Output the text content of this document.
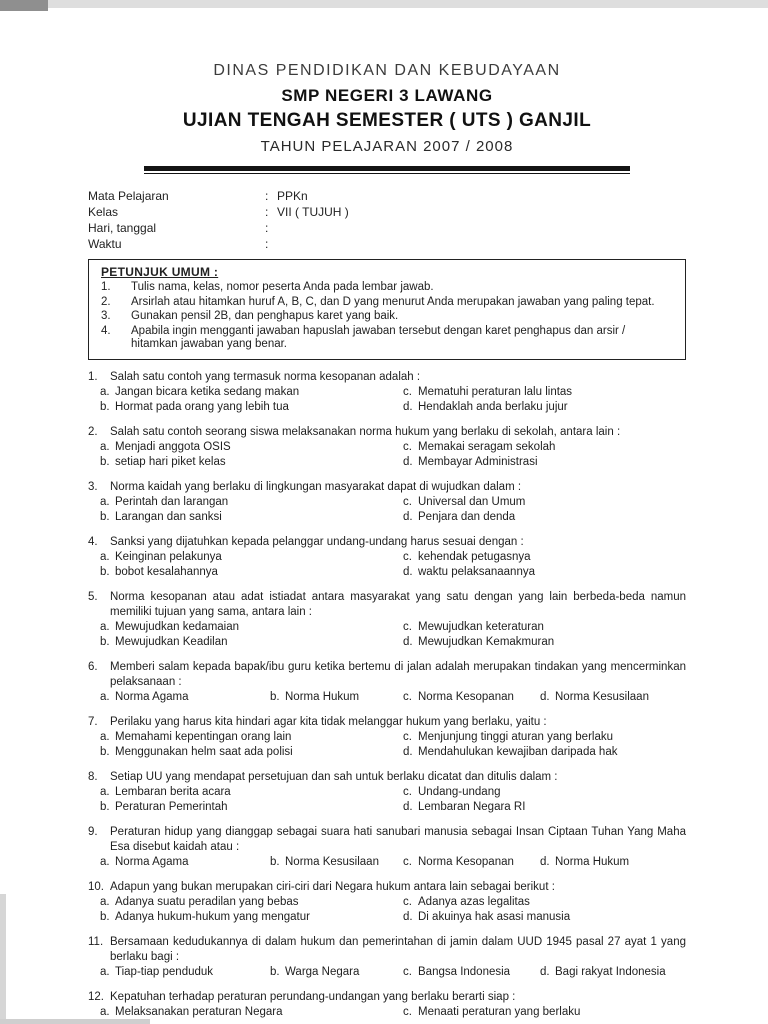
DINAS PENDIDIKAN DAN KEBUDAYAAN
SMP NEGERI 3 LAWANG
UJIAN TENGAH SEMESTER ( UTS ) GANJIL
TAHUN PELAJARAN 2007 / 2008
Mata Pelajaran	: PPKn
Kelas	: VII ( TUJUH )
Hari, tanggal	:
Waktu	:
PETUNJUK UMUM :
1.	Tulis nama, kelas, nomor peserta Anda pada lembar jawab.
2.	Arsirlah atau hitamkan huruf A, B, C, dan D yang menurut Anda merupakan jawaban yang paling tepat.
3.	Gunakan pensil 2B, dan penghapus karet yang baik.
4.	Apabila ingin mengganti jawaban hapuslah jawaban tersebut dengan karet penghapus dan arsir / hitamkan jawaban yang benar.
1.	Salah satu contoh yang termasuk norma kesopanan adalah :
a. Jangan bicara ketika sedang makan	c. Mematuhi peraturan lalu lintas
b. Hormat pada orang yang lebih tua	d. Hendaklah anda berlaku jujur
2.	Salah satu contoh seorang siswa melaksanakan norma hukum yang berlaku di sekolah, antara lain :
a. Menjadi anggota OSIS	c. Memakai seragam sekolah
b. setiap hari piket kelas	d. Membayar Administrasi
3.	Norma kaidah yang berlaku di lingkungan masyarakat dapat di wujudkan dalam :
a. Perintah dan larangan	c. Universal dan Umum
b. Larangan dan sanksi	d. Penjara dan denda
4.	Sanksi yang dijatuhkan kepada pelanggar undang-undang harus sesuai dengan :
a. Keinginan pelakunya	c. kehendak petugasnya
b. bobot kesalahannya	d. waktu pelaksanaannya
5.	Norma kesopanan atau adat istiadat antara masyarakat yang satu dengan yang lain berbeda-beda namun memiliki tujuan yang sama, antara lain :
a. Mewujudkan kedamaian	c. Mewujudkan keteraturan
b. Mewujudkan Keadilan	d. Mewujudkan Kemakmuran
6.	Memberi salam kepada bapak/ibu guru ketika bertemu di jalan adalah merupakan tindakan yang mencerminkan pelaksanaan :
a. Norma Agama	b. Norma Hukum	c. Norma Kesopanan	d. Norma Kesusilaan
7.	Perilaku yang harus kita hindari agar kita tidak melanggar hukum yang berlaku, yaitu :
a. Memahami kepentingan orang lain	c. Menjunjung tinggi aturan yang berlaku
b. Menggunakan helm saat ada polisi	d. Mendahulukan kewajiban daripada hak
8.	Setiap UU yang mendapat persetujuan dan sah untuk berlaku dicatat dan ditulis dalam :
a. Lembaran berita acara	c. Undang-undang
b. Peraturan Pemerintah	d. Lembaran Negara RI
9.	Peraturan hidup yang dianggap sebagai suara hati sanubari manusia sebagai Insan Ciptaan Tuhan Yang Maha Esa disebut kaidah atau :
a. Norma Agama	b. Norma Kesusilaan	c. Norma Kesopanan	d. Norma Hukum
10. Adapun yang bukan merupakan ciri-ciri dari Negara hukum antara lain sebagai berikut :
a. Adanya suatu peradilan yang bebas	c. Adanya azas legalitas
b. Adanya hukum-hukum yang mengatur	d. Di akuinya hak asasi manusia
11. Bersamaan kedudukannya di dalam hukum dan pemerintahan di jamin dalam UUD 1945 pasal 27 ayat 1 yang berlaku bagi :
a. Tiap-tiap penduduk	b. Warga Negara	c. Bangsa Indonesia	d. Bagi rakyat Indonesia
12. Kepatuhan terhadap peraturan perundang-undangan yang berlaku berarti siap :
a. Melaksanakan peraturan Negara	c. Menaati peraturan yang berlaku
